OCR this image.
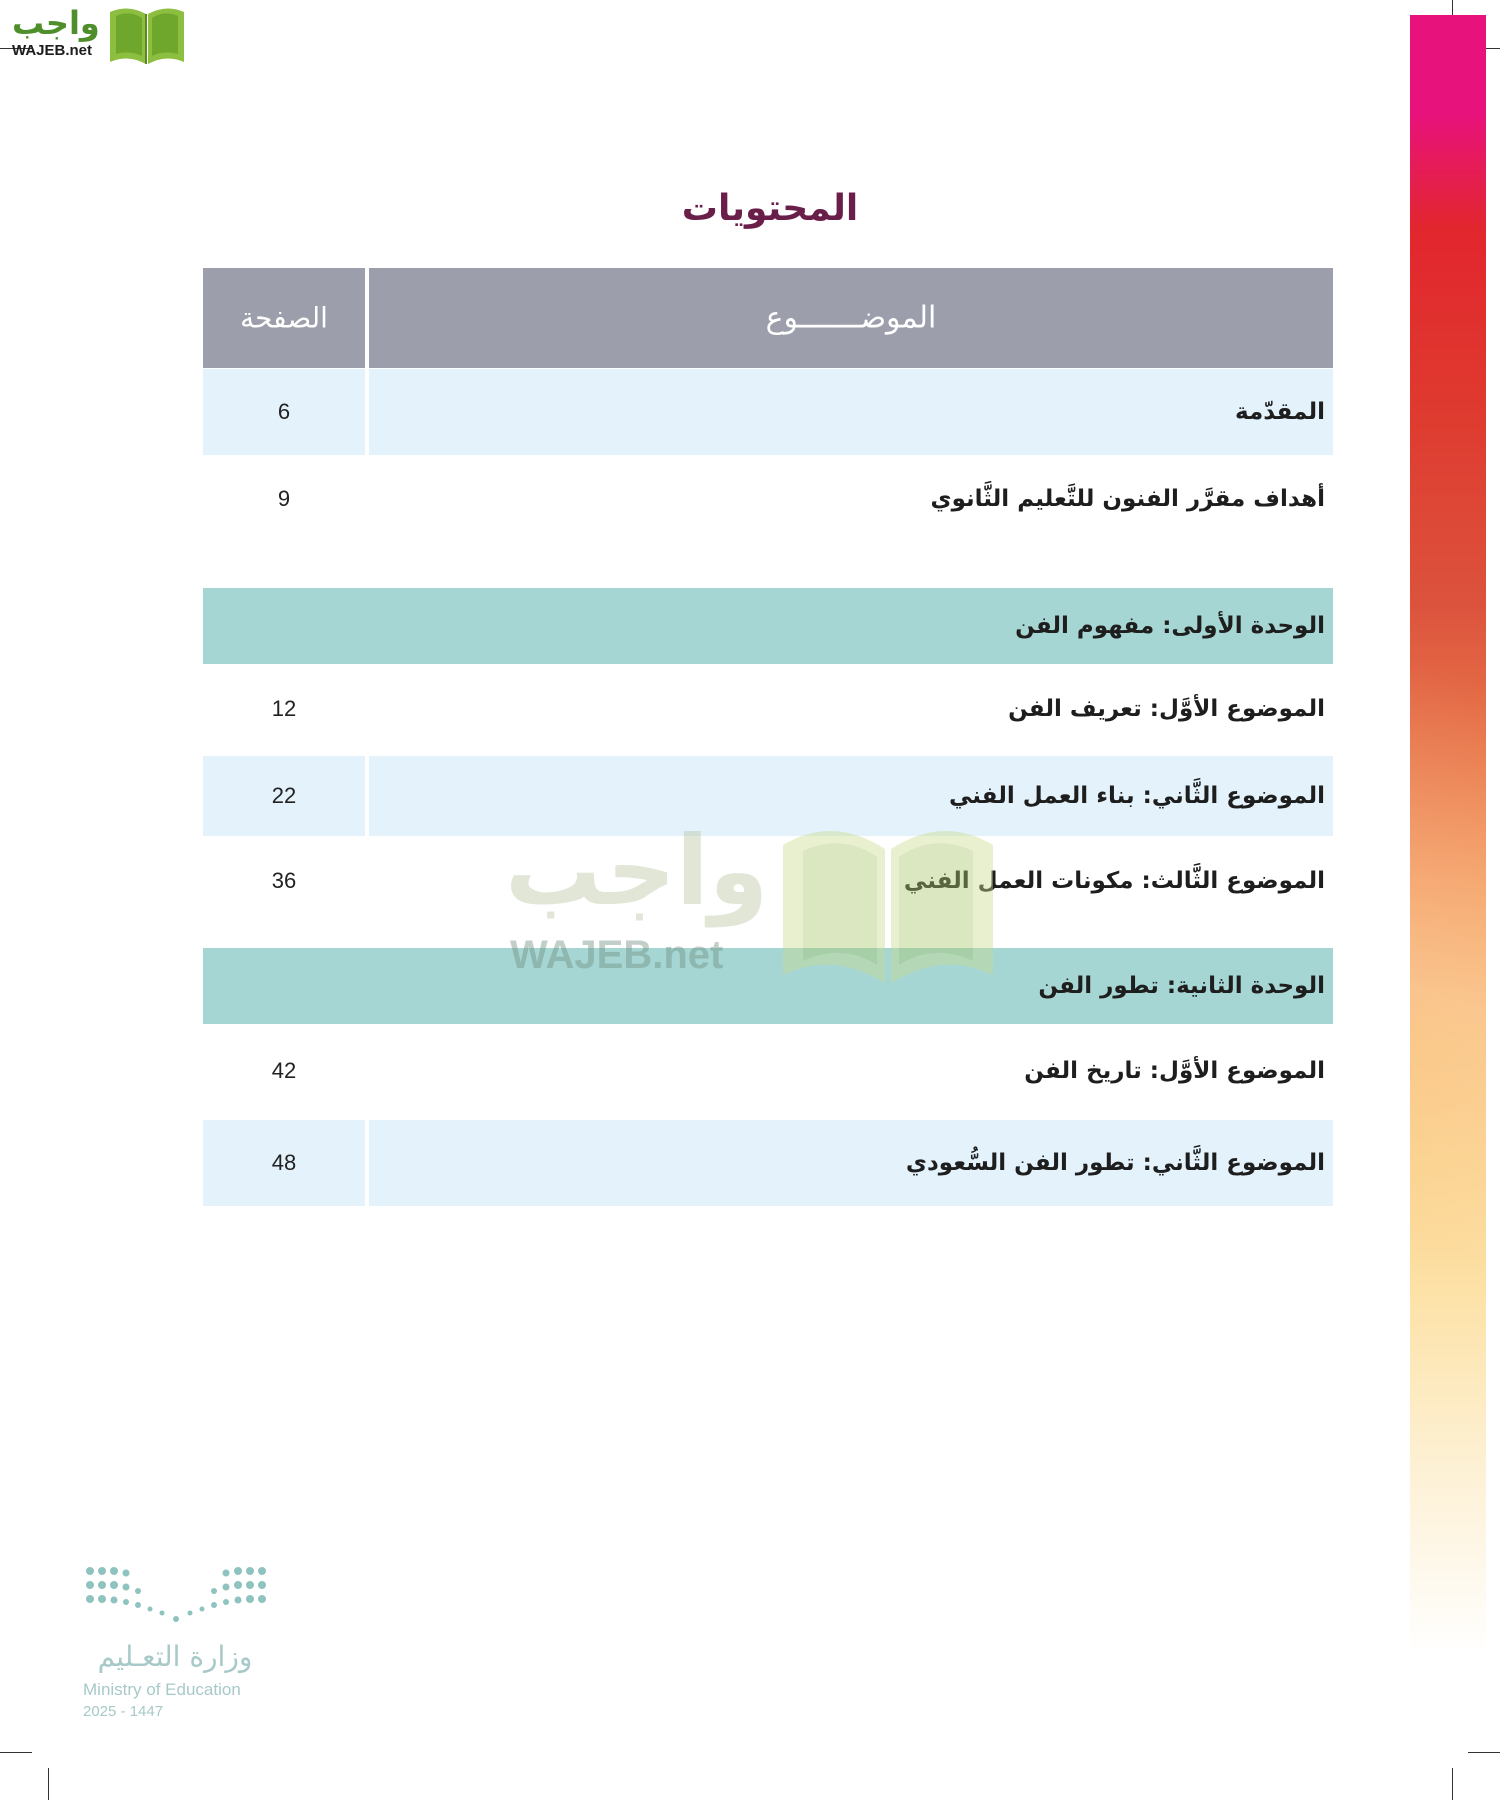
واجب
WAJEB.net
المحتويات
الموضـــــــوع
الصفحة
المقدّمة
6
أهداف مقرَّر الفنون للتَّعليم الثَّانوي
9
الوحدة الأولى: مفهوم الفن
الموضوع الأوَّل: تعريف الفن
12
الموضوع الثَّاني: بناء العمل الفني
22
الموضوع الثَّالث: مكونات العمل الفني
36
الوحدة الثانية: تطور الفن
الموضوع الأوَّل: تاريخ الفن
42
الموضوع الثَّاني: تطور الفن السُّعودي
48
واجب
WAJEB.net
وزارة التعـليم
Ministry of Education
2025 - 1447
